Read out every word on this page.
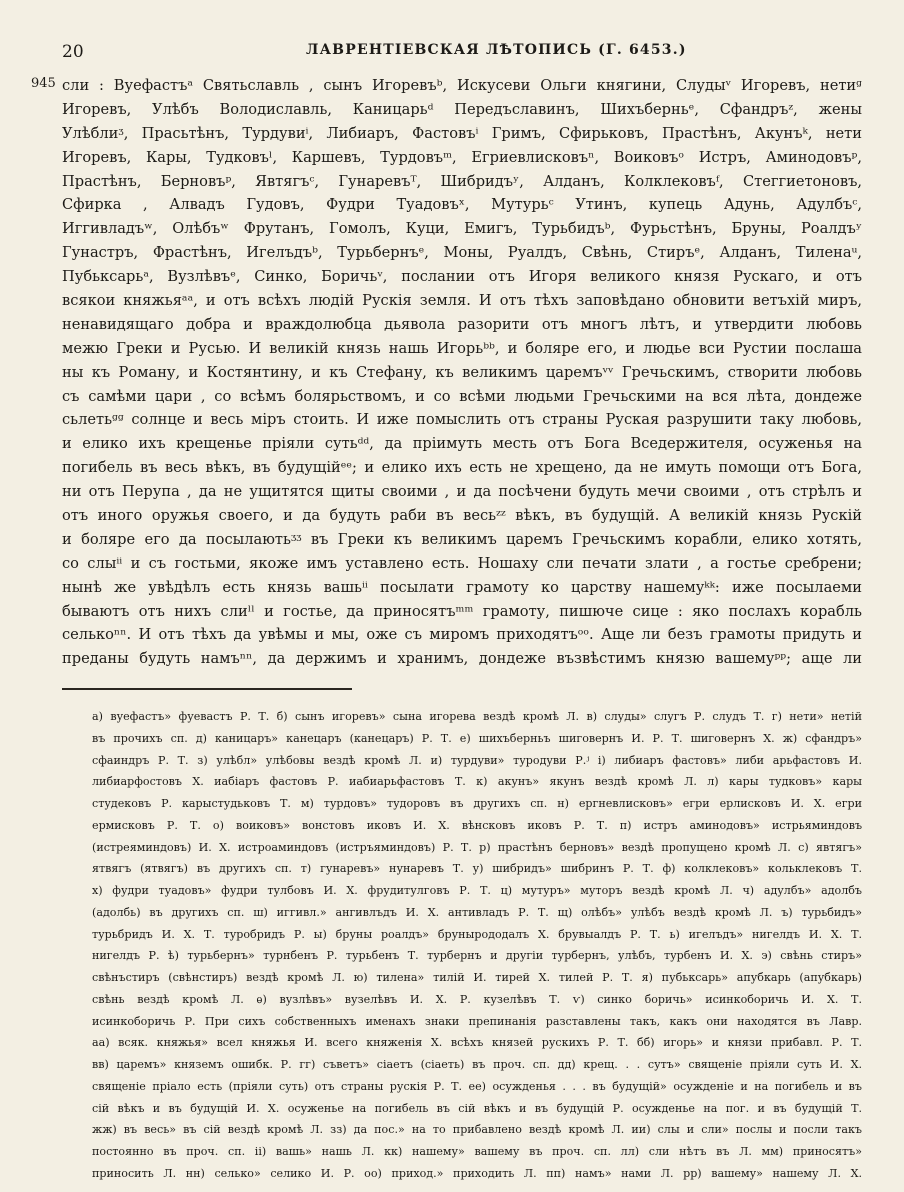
20	ЛАВРЕНТІЕВСКАЯ ЛѢТОПИСЬ (Г. 6453.)
945 сли : Вуефастъᵃ Святьславль , сынъ Игоревъᵇ, Искусеви Ольги княгини, Слудыᵛ Игоревъ, нетиᵍ
Игоревъ, Улѣбъ Володиславль, Каницарьᵈ Передъславинъ, Шихъберньᵉ, Сфандръᶻ, жены
Улѣблиᶾ, Прасьтѣнъ, Турдувиⁱ, Либиаръ, Фастовъⁱ Гримъ, Сфирьковъ, Прастѣнъ, Акунъᵏ, нети
Игоревъ, Кары, Тудковъˡ, Каршевъ, Турдовъᵐ, Егриевлисковъⁿ, Воиковъᵒ Истръ, Аминодовъᵖ,
Прастѣнъ, Берновъᵖ, Явтягъᶜ, Гунаревъᵀ, Шибридъʸ, Алданъ, Колклековъᶠ, Стеггиетоновъ,
Сфирка , Алвадъ Гудовъ, Фудри Туадовъˣ, Мутурьᶜ Утинъ, купець Адунь, Адулбъᶜ,
Иггивладъʷ, Олѣбъʷ Фрутанъ, Гомолъ, Куци, Емигъ, Турьбидъᵇ, Фурьстѣнъ, Бруны, Роалдъʸ
Гунастръ, Фрастѣнъ, Игелъдъᵇ, Турьбернъᵉ, Моны, Руалдъ, Свѣнь, Стиръᵉ, Алданъ, Тиленаᵘ,
Пубьксарьᵃ, Вузлѣвъᵉ, Синко, Боричьᵛ, послании отъ Игоря великого князя Рускаго, и отъ
всякои княжьяᵃᵃ, и отъ всѣхъ людій Рускія земля. И отъ тѣхъ заповѣдано обновити ветъхій миръ,
ненавидящаго добра и враждолюбца дьявола разорити отъ многъ лѣтъ, и утвердити любовь
межю Греки и Русью. И великій князь нашь Игорьᵇᵇ, и боляре его, и людье вси Рустии послаша
ны къ Роману, и Костянтину, и къ Стефану, къ великимъ царемъᵛᵛ Гречьскимъ, створити любовь
съ самѣми цари , со всѣмъ болярьствомъ, и со всѣми людьми Гречьскими на вся лѣта, дондеже
сьлетьᵍᵍ солнце и весь міръ стоить. И иже помыслить отъ страны Руская разрушити таку любовь,
и елико ихъ крещенье пріяли сутьᵈᵈ, да пріимуть месть отъ Бога Вседержителя, осуженья на
погибель въ весь вѣкъ, въ будущійᵉᵉ; и елико ихъ есть не хрещено, да не имуть помощи отъ Бога,
ни отъ Перупа , да не ущитятся щиты своими , и да посѣчени будуть мечи своими , отъ стрѣлъ и
отъ иного оружья своего, и да будуть раби въ весьᶻᶻ вѣкъ, въ будущій. А великій князь Рускій
и боляре его да посылаютьᶾᶾ въ Греки къ великимъ царемъ Гречьскимъ корабли, елико хотять,
со слыⁱⁱ и съ гостьми, якоже имъ уставлено есть. Ношаху сли печати злати , а гостье сребрени;
нынѣ же увѣдѣлъ есть князь вашьⁱⁱ посылати грамоту ко царству нашемуᵏᵏ: иже посылаеми
бываютъ отъ нихъ слиˡˡ и гостье, да приносятъᵐᵐ грамоту, пишюче сице : яко послахъ корабль
селькоⁿⁿ. И отъ тѣхъ да увѣмы и мы, оже съ миромъ приходятъᵒᵒ. Аще ли безъ грамоты придуть и
преданы будуть намъⁿⁿ, да держимъ и хранимъ, дондеже възвѣстимъ князю вашемуᵖᵖ; аще ли
а) вуефастъ» фуевастъ Р. Т. б) сынъ игоревъ» сына игорева вездѣ кромѣ Л. в) слуды» слугъ Р. слудъ Т. г) нети» нетій
въ прочихъ сп. д) каницаръ» канецаръ (канецаръ) Р. Т. е) шихъберньъ шиговернъ И. Р. Т. шиговернъ Х. ж) сфандръ»
сфаиндръ Р. Т. з) улѣбл» улѣбовы вездѣ кромѣ Л. и) турдуви» туродуви Р.ʲ i) либиаръ фастовъ» либи арьфастовъ И.
либиарфостовъ Х. иабіаръ фастовъ Р. иабиарьфастовъ Т. к) акунъ» якунъ вездѣ кромѣ Л. л) кары тудковъ» кары
студековъ Р. карыстудьковъ Т. м) турдовъ» тудоровъ въ другихъ сп. н) ергневлисковъ» егри ерлисковъ И. Х. егри
ермисковъ Р. Т. о) воиковъ» вонстовъ иковъ И. Х. вѣнсковъ иковъ Р. Т. п) истръ аминодовъ» истрьяминдовъ
(истреяминдовъ) И. Х. истроаминдовъ (истръяминдовъ) Р. Т. р) прастѣнъ берновъ» вездѣ пропущено кромѣ Л. с) явтягъ»
ятвягъ (ятвягъ) въ другихъ сп. т) гунаревъ» нунаревъ Т. у) шибридъ» шибринъ Р. Т. ф) колклековъ» кольклековъ Т.
х) фудри туадовъ» фудри тулбовъ И. Х. фрудитулговъ Р. Т. ц) мутуръ» муторъ вездѣ кромѣ Л. ч) адулбъ» адолбъ
(адолбь) въ другихъ сп. ш) иггивл.» ангивлъдъ И. Х. антивладъ Р. Т. щ) олѣбъ» улѣбъ вездѣ кромѣ Л. ъ) турьбидъ»
турьбридъ И. Х. Т. туробридъ Р. ы) бруны роалдъ» брунырододалъ Х. брувыалдъ Р. Т. ь) игелъдъ» нигелдъ И. Х. Т.
нигелдъ Р. ѣ) турьбернъ» турнбенъ Р. турьбенъ Т. турбернъ и другіи турбернъ, улѣбъ, турбенъ И. Х. э) свѣнь стиръ»
свѣнъстиръ (свѣнстиръ) вездѣ кромѣ Л. ю) тилена» тилій И. тирей Х. тилей Р. Т. я) пубьксарь» апубкарь (апубкарь)
свѣнь вездѣ кромѣ Л. ѳ) вузлѣвъ» вузелѣвъ И. Х. Р. кузелѣвъ Т. ѵ) синко боричь» исинкоборичь И. Х. Т.
исинкоборичь Р. При сихъ собственныхъ именахъ знаки препинанія разставлены такъ, какъ они находятся въ Лавр.
аа) вcяк. княжья» всел княжья И. всего княженія Х. всѣхъ князей рускихъ Р. Т. бб) игорь» и князи прибавл. Р. Т.
вв) царемъ» княземъ ошибк. Р. гг) съветъ» сіаетъ (сіаеть) въ проч. сп. дд) крещ. . . сутъ» священіе пріяли суть И. Х.
священіе пріало есть (пріяли суть) отъ страны рускія Р. Т. ее) осужденья . . . въ будущій» осужденіе и на погибель и въ
сій вѣкъ и въ будущій И. Х. осуженье на погибель въ сій вѣкъ и въ будущій Р. осужденье на пог. и въ будущій Т.
жж) въ весь» въ сій вездѣ кромѣ Л. зз) да пос.» на то прибавлено вездѣ кромѣ Л. ии) слы и сли» послы и посли такъ
постоянно въ проч. сп. іі) вашь» нашь Л. кк) нашему» вашему въ проч. сп. лл) сли нѣтъ въ Л. мм) приносятъ»
приносить Л. нн) селько» селико И. Р. оо) приход.» приходить Л. пп) намъ» нами Л. рр) вашему» нашему Л. Х.
